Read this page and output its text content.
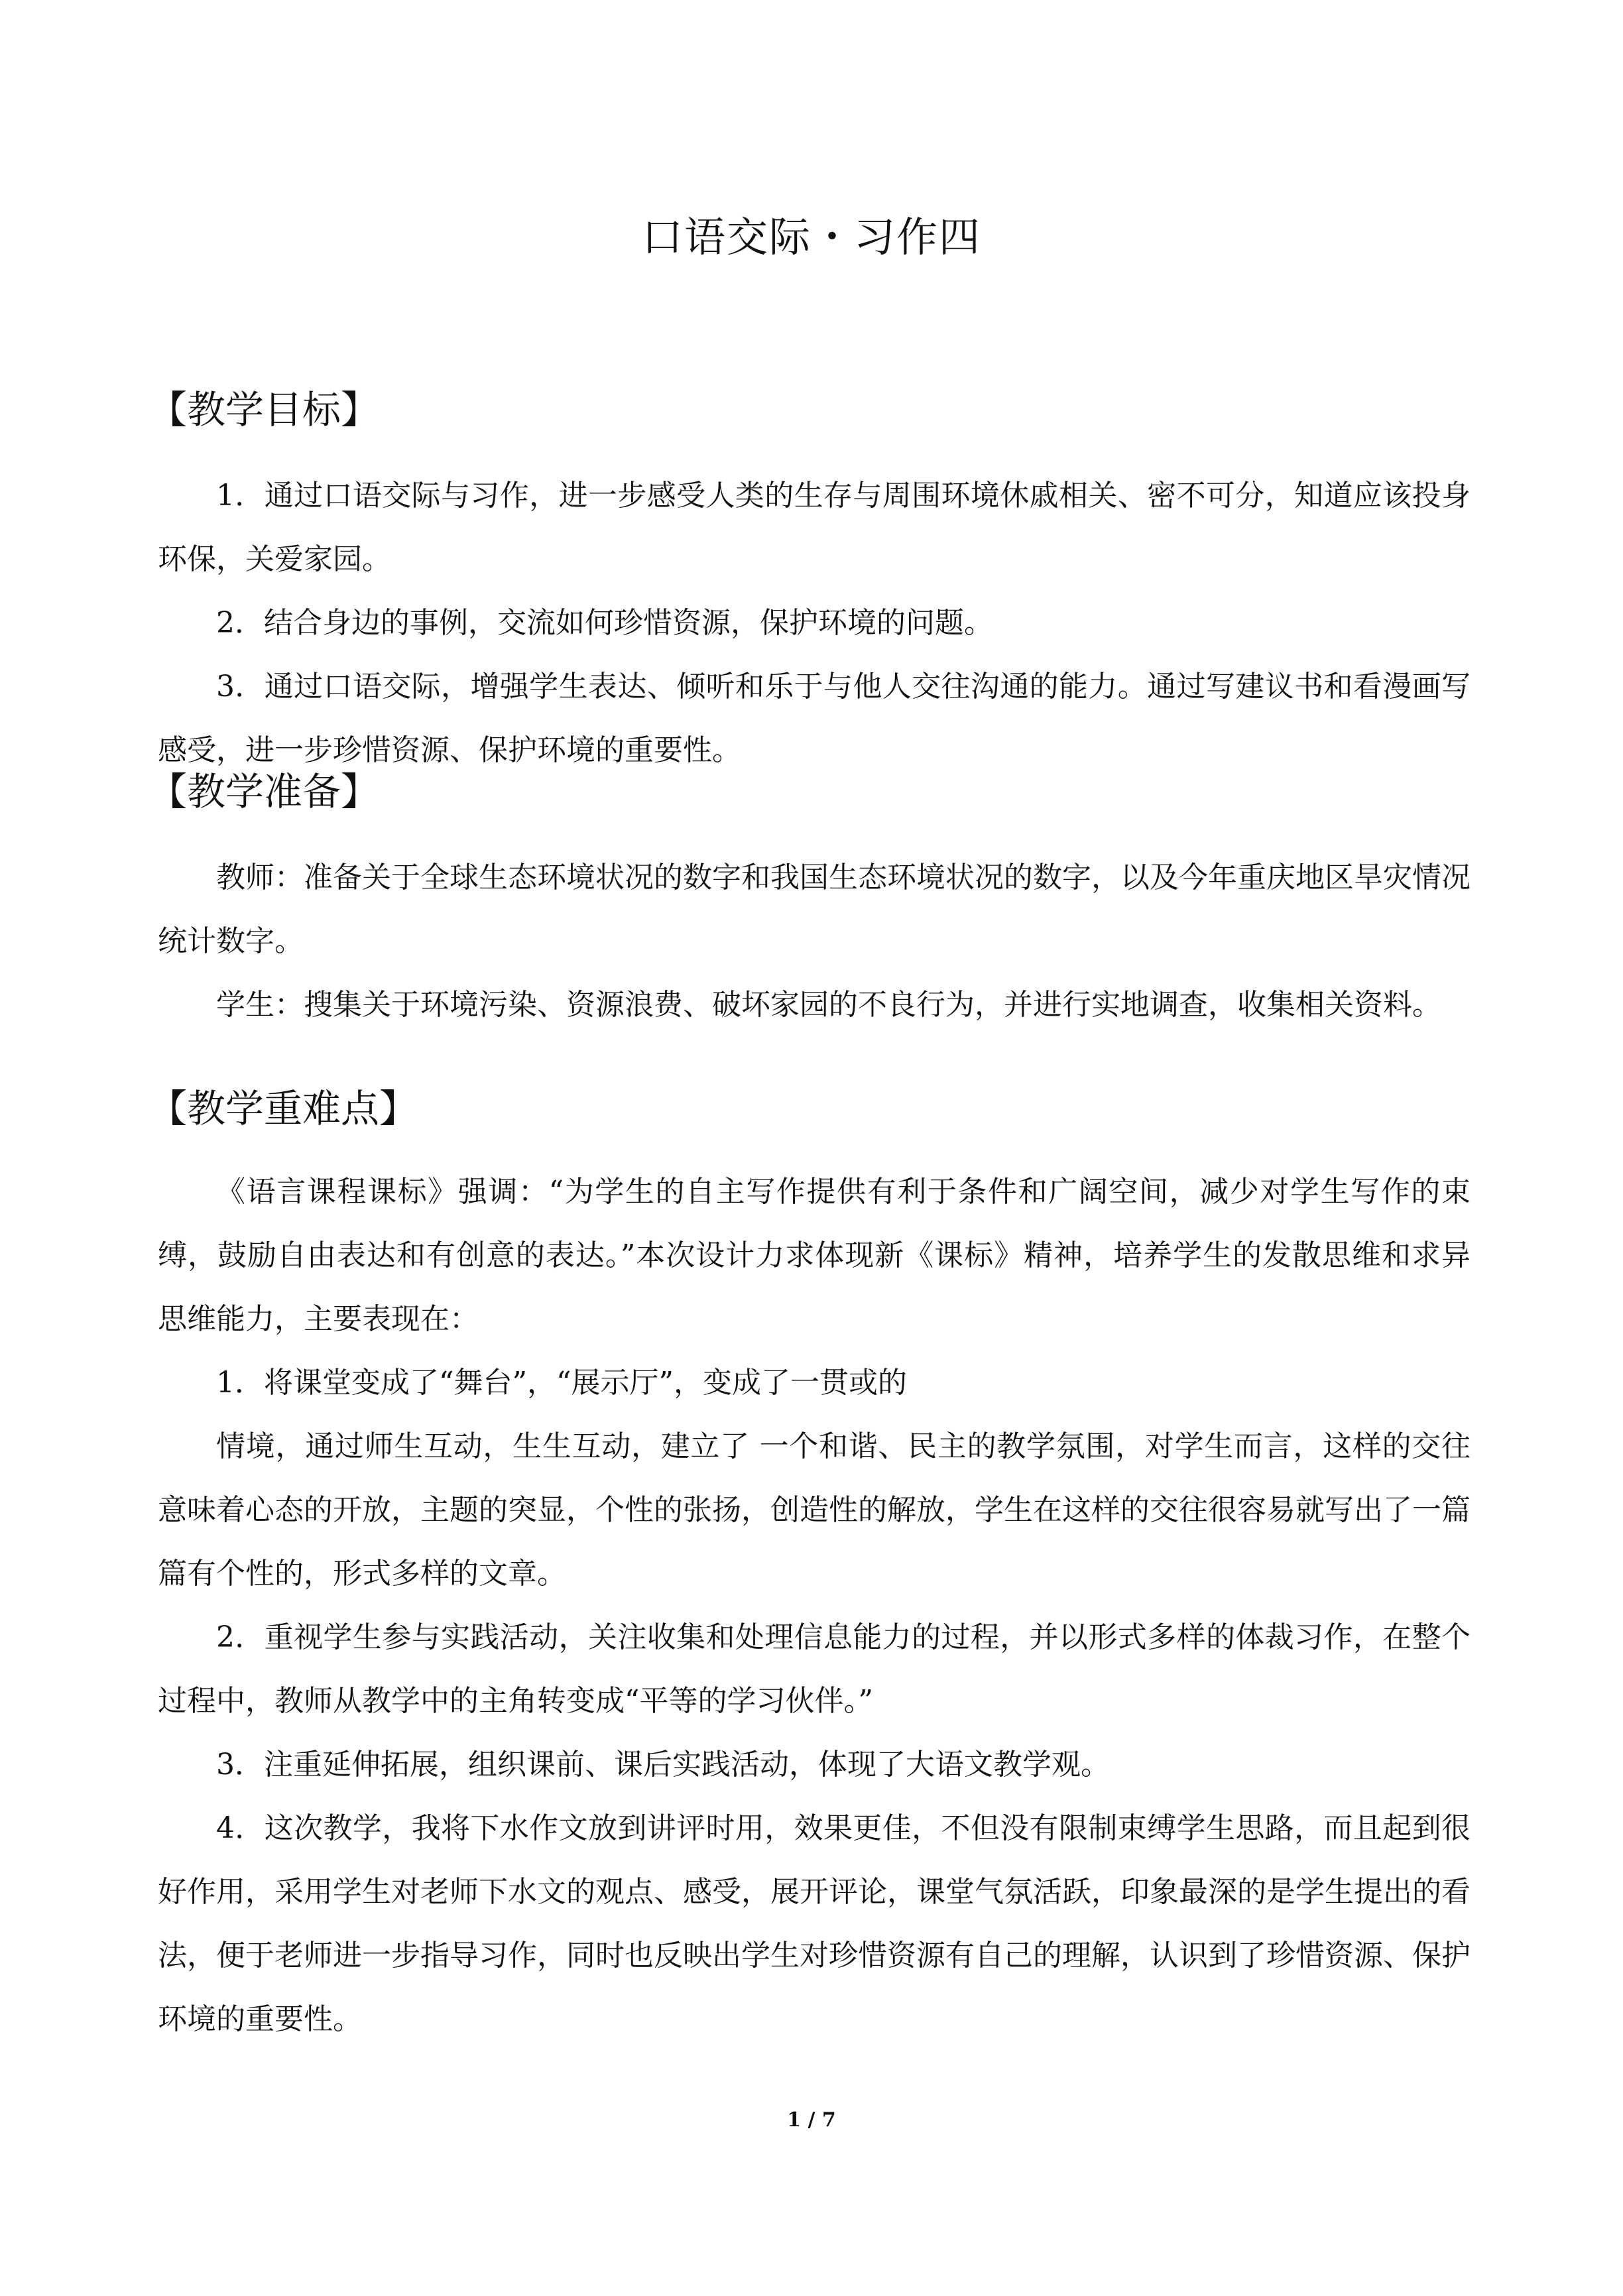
口语交际・习作四
【教学目标】
1．通过口语交际与习作，进一步感受人类的生存与周围环境休戚相关、密不可分，知道应该投身环保，关爱家园。
2．结合身边的事例，交流如何珍惜资源，保护环境的问题。
3．通过口语交际，增强学生表达、倾听和乐于与他人交往沟通的能力。通过写建议书和看漫画写感受，进一步珍惜资源、保护环境的重要性。
【教学准备】
教师：准备关于全球生态环境状况的数字和我国生态环境状况的数字，以及今年重庆地区旱灾情况统计数字。
学生：搜集关于环境污染、资源浪费、破坏家园的不良行为，并进行实地调查，收集相关资料。
【教学重难点】
《语言课程课标》强调：“为学生的自主写作提供有利于条件和广阔空间，减少对学生写作的束缚，鼓励自由表达和有创意的表达。”本次设计力求体现新《课标》精神，培养学生的发散思维和求异思维能力，主要表现在：
1．将课堂变成了“舞台”，“展示厅”，变成了一贯或的
情境，通过师生互动，生生互动，建立了 一个和谐、民主的教学氛围，对学生而言，这样的交往意味着心态的开放，主题的突显，个性的张扬，创造性的解放，学生在这样的交往很容易就写出了一篇篇有个性的，形式多样的文章。
2．重视学生参与实践活动，关注收集和处理信息能力的过程，并以形式多样的体裁习作，在整个过程中，教师从教学中的主角转变成“平等的学习伙伴。”
3．注重延伸拓展，组织课前、课后实践活动，体现了大语文教学观。
4．这次教学，我将下水作文放到讲评时用，效果更佳，不但没有限制束缚学生思路，而且起到很好作用，采用学生对老师下水文的观点、感受，展开评论，课堂气氛活跃，印象最深的是学生提出的看法，便于老师进一步指导习作，同时也反映出学生对珍惜资源有自己的理解，认识到了珍惜资源、保护环境的重要性。
1 / 7
